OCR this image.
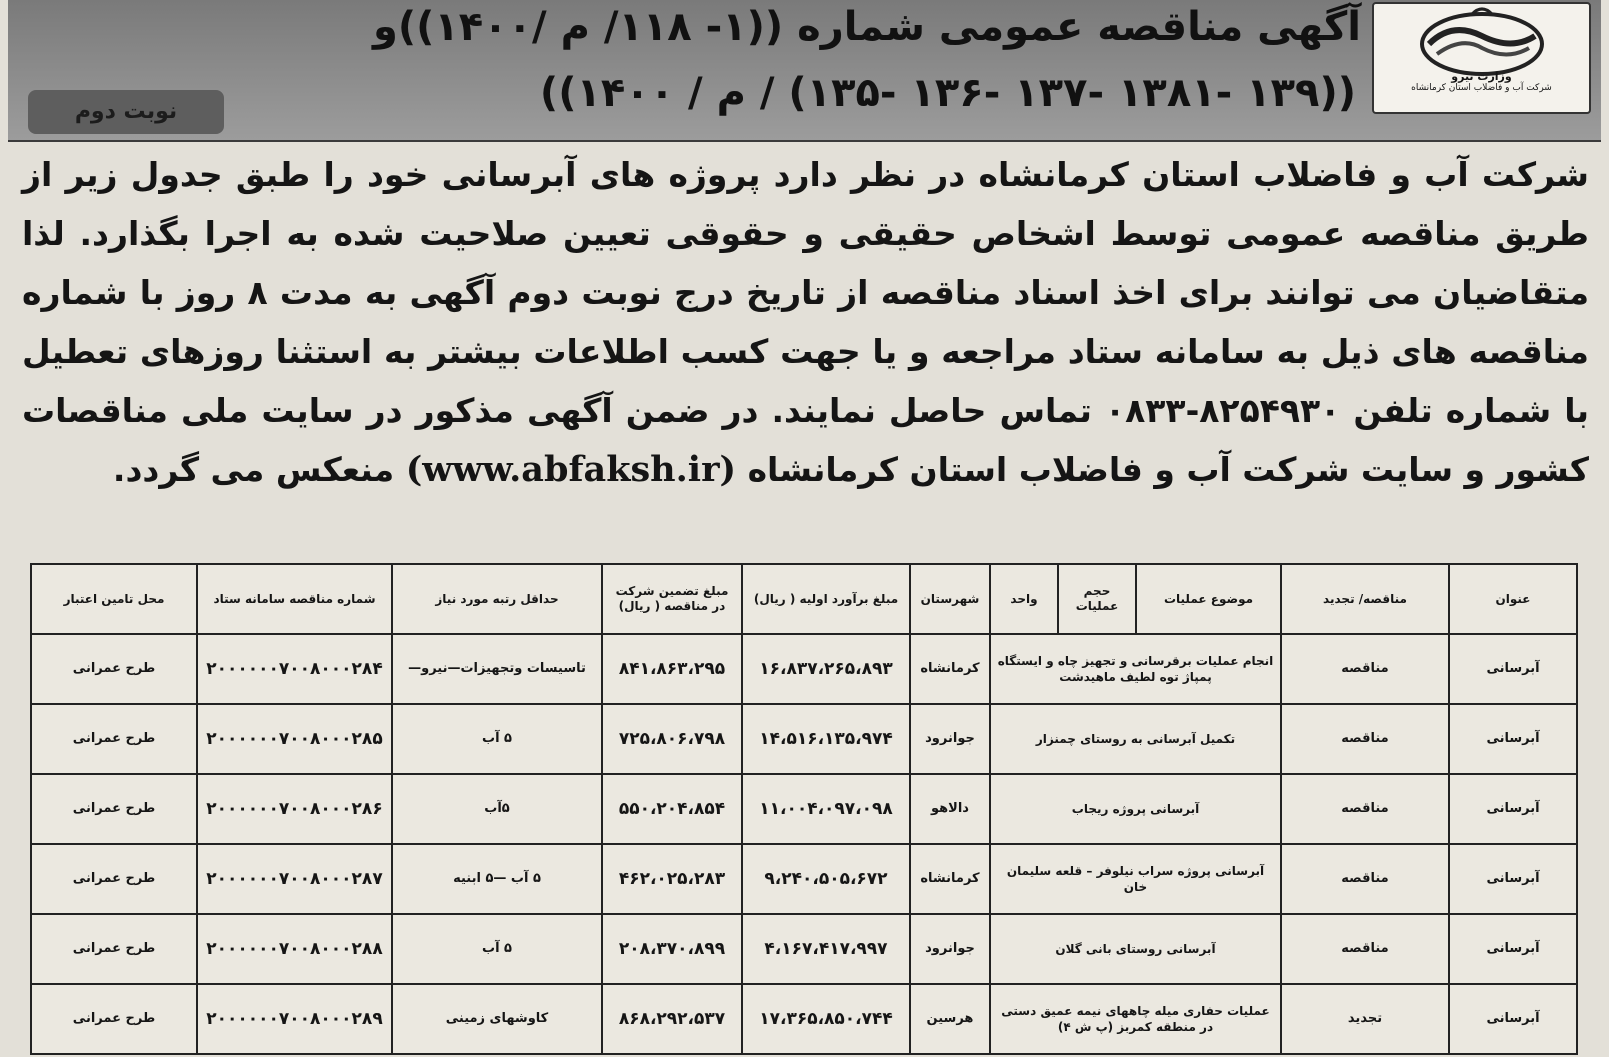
وزارت نیرو
شرکت آب و فاضلاب استان کرمانشاه
آگهی مناقصه عمومی شماره ((۱- ۱۱۸/ م /۱۴۰۰))و
((۱۳۹ -۱۳۸۱ -۱۳۷ -۱۳۶ -۱۳۵) / م / ۱۴۰۰))
نوبت دوم
شرکت آب و فاضلاب استان کرمانشاه در نظر دارد پروژه های آبرسانی خود را طبق جدول زیر از طریق مناقصه عمومی توسط اشخاص حقیقی و حقوقی تعیین صلاحیت شده به اجرا بگذارد. لذا متقاضیان می توانند برای اخذ اسناد مناقصه از تاریخ درج نوبت دوم آگهی به مدت ۸ روز با شماره مناقصه های ذیل به سامانه ستاد مراجعه و یا جهت کسب اطلاعات بیشتر به استثنا روزهای تعطیل با شماره تلفن ۸۲۵۴۹۳۰-۰۸۳۳ تماس حاصل نمایند. در ضمن آگهی مذکور در سایت ملی مناقصات کشور و سایت شرکت آب و فاضلاب استان کرمانشاه (www.abfaksh.ir) منعکس می گردد.
عنوان	مناقصه/ تجدید	موضوع عملیات	حجم عملیات	واحد	شهرستان	مبلغ برآورد اولیه ( ریال)	مبلغ تضمین شرکت در مناقصه ( ریال)	حداقل رتبه مورد نیاز	شماره مناقصه سامانه ستاد	محل تامین اعتبار
آبرسانی	مناقصه	انجام عملیات برقرسانی و تجهیز چاه و ایستگاه پمپاژ توه لطیف ماهیدشت			کرمانشاه	۱۶،۸۳۷،۲۶۵،۸۹۳	۸۴۱،۸۶۳،۲۹۵	تاسیسات وتجهیزات—نیرو—	۲۰۰۰۰۰۰۷۰۰۸۰۰۰۲۸۴	طرح عمرانی
آبرسانی	مناقصه	تکمیل آبرسانی به روستای چمنزار			جوانرود	۱۴،۵۱۶،۱۳۵،۹۷۴	۷۲۵،۸۰۶،۷۹۸	۵ آب	۲۰۰۰۰۰۰۷۰۰۸۰۰۰۲۸۵	طرح عمرانی
آبرسانی	مناقصه	آبرسانی پروژه ریجاب			دالاهو	۱۱،۰۰۴،۰۹۷،۰۹۸	۵۵۰،۲۰۴،۸۵۴	۵آب	۲۰۰۰۰۰۰۷۰۰۸۰۰۰۲۸۶	طرح عمرانی
آبرسانی	مناقصه	آبرسانی پروژه سراب نیلوفر – قلعه سلیمان خان			کرمانشاه	۹،۲۴۰،۵۰۵،۶۷۲	۴۶۲،۰۲۵،۲۸۳	۵ آب —۵ ابنیه	۲۰۰۰۰۰۰۷۰۰۸۰۰۰۲۸۷	طرح عمرانی
آبرسانی	مناقصه	آبرسانی روستای بانی گلان			جوانرود	۴،۱۶۷،۴۱۷،۹۹۷	۲۰۸،۳۷۰،۸۹۹	۵ آب	۲۰۰۰۰۰۰۷۰۰۸۰۰۰۲۸۸	طرح عمرانی
آبرسانی	تجدید	عملیات حفاری میله چاههای نیمه عمیق دستی در منطقه کمربز (پ ش ۴)			هرسین	۱۷،۳۶۵،۸۵۰،۷۴۴	۸۶۸،۲۹۲،۵۳۷	کاوشهای زمینی	۲۰۰۰۰۰۰۷۰۰۸۰۰۰۲۸۹	طرح عمرانی
